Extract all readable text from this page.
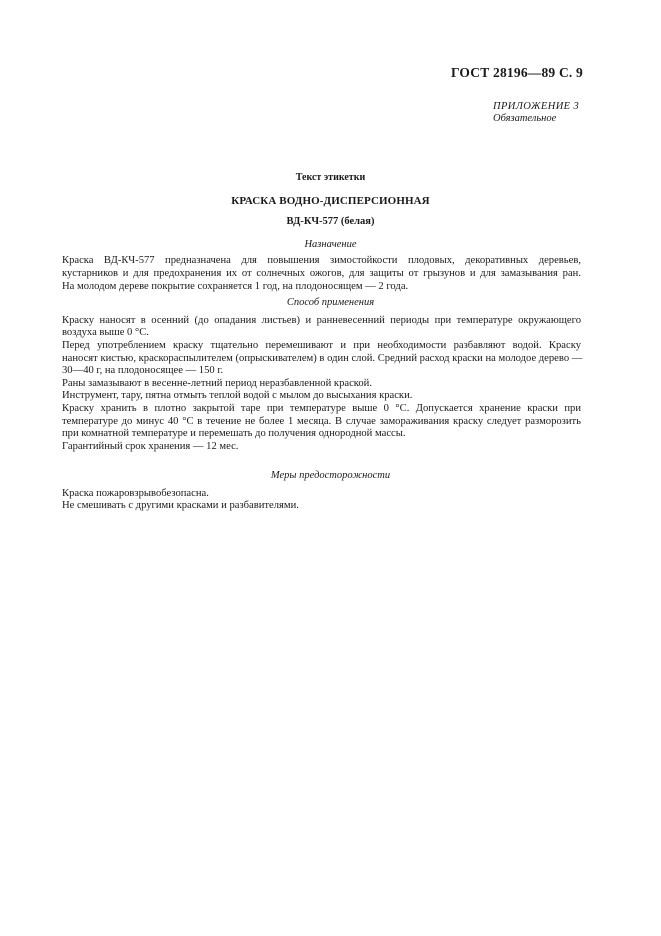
ГОСТ 28196—89 С. 9
ПРИЛОЖЕНИЕ 3
Обязательное
Текст этикетки
КРАСКА ВОДНО-ДИСПЕРСИОННАЯ
ВД-КЧ-577 (белая)
Назначение
Краска ВД-КЧ-577 предназначена для повышения зимостойкости плодовых, декоративных деревьев,
кустарников и для предохранения их от солнечных ожогов, для защиты от грызунов и для замазывания ран.
На молодом дереве покрытие сохраняется 1 год, на плодоносящем — 2 года.
Способ применения
Краску наносят в осенний (до опадания листьев) и ранневесенний периоды при температуре окружающего
воздуха выше 0 °С.
Перед употреблением краску тщательно перемешивают и при необходимости разбавляют водой. Краску
наносят кистью, краскораспылителем (опрыскивателем) в один слой. Средний расход краски на молодое дерево —
30—40 г, на плодоносящее — 150 г.
Раны замазывают в весенне-летний период неразбавленной краской.
Инструмент, тару, пятна отмыть теплой водой с мылом до высыхания краски.
Краску хранить в плотно закрытой таре при температуре выше 0 °С. Допускается хранение краски при
температуре до минус 40 °С в течение не более 1 месяца. В случае замораживания краску следует разморозить
при комнатной температуре и перемешать до получения однородной массы.
Гарантийный срок хранения — 12 мес.
Меры предосторожности
Краска пожаровзрывобезопасна.
Не смешивать с другими красками и разбавителями.
